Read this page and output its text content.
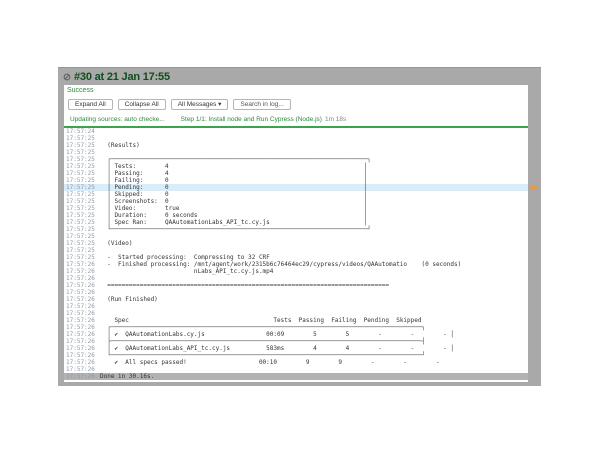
#30 at 21 Jan 17:55
Success
Expand All	Collapse All	All Messages ▾
Search in log...
Updating sources: auto checke... Step 1/1: Install node and Run Cypress (Node.js) 1m 18s
17:57:24
17:57:25
17:57:25 (Results)
17:57:25
17:57:25 ┌───────────────────────────────────────────────────────────────────────┐
17:57:25 │ Tests:        4                                                      │
17:57:25 │ Passing:      4                                                      │
17:57:25 │ Failing:      0                                                      │
17:57:25 │ Pending:      0                                                      │
17:57:25 │ Skipped:      0                                                      │
17:57:25 │ Screenshots:  0                                                      │
17:57:25 │ Video:        true                                                   │
17:57:25 │ Duration:     0 seconds                                              │
17:57:25 │ Spec Ran:     QAAutomationLabs_API_tc.cy.js                          │
17:57:25 └───────────────────────────────────────────────────────────────────────┘
17:57:25
17:57:25 (Video)
17:57:25
17:57:25 -  Started processing:  Compressing to 32 CRF
17:57:26 -  Finished processing: /mnt/agent/work/2315b6c76464ec29/cypress/videos/QAAutomatio    (0 seconds)
17:57:26 nLabs_API_tc.cy.js.mp4
17:57:26
17:57:26 ==============================================================================
17:57:26
17:57:26 (Run Finished)
17:57:26
17:57:26
17:57:26 Spec                                        Tests  Passing  Failing  Pending  Skipped
17:57:26 ┌──────────────────────────────────────────────────────────────────────────────────────┐
17:57:26 │ ✔  QAAutomationLabs.cy.js                 00:09        5        5        -        -        - │
17:57:26 ├──────────────────────────────────────────────────────────────────────────────────────┤
17:57:26 │ ✔  QAAutomationLabs_API_tc.cy.js          583ms        4        4        -        -        - │
17:57:26 └──────────────────────────────────────────────────────────────────────────────────────┘
17:57:26 ✔  All specs passed!                    00:10        9        9        -        -        -
17:57:26
17:57:26 Done in 30.16s.
